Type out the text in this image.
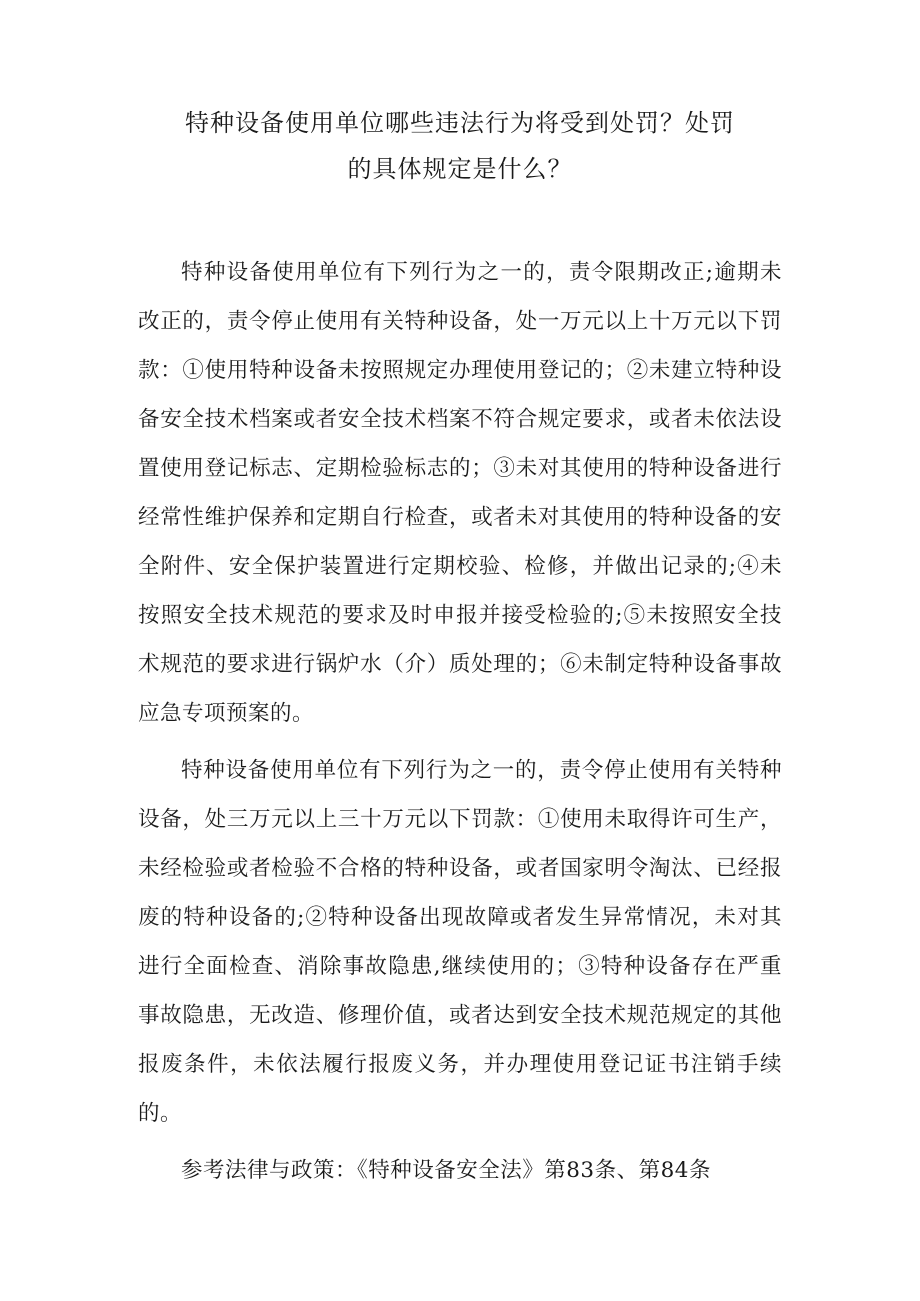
特种设备使用单位哪些违法行为将受到处罚？处罚
的具体规定是什么？

特种设备使用单位有下列行为之一的，责令限期改正;逾期未改正的，责令停止使用有关特种设备，处一万元以上十万元以下罚款：①使用特种设备未按照规定办理使用登记的；②未建立特种设备安全技术档案或者安全技术档案不符合规定要求，或者未依法设置使用登记标志、定期检验标志的；③未对其使用的特种设备进行经常性维护保养和定期自行检查，或者未对其使用的特种设备的安全附件、安全保护装置进行定期校验、检修，并做出记录的;④未按照安全技术规范的要求及时申报并接受检验的;⑤未按照安全技术规范的要求进行锅炉水（介）质处理的；⑥未制定特种设备事故应急专项预案的。

特种设备使用单位有下列行为之一的，责令停止使用有关特种设备，处三万元以上三十万元以下罚款：①使用未取得许可生产，未经检验或者检验不合格的特种设备，或者国家明令淘汰、已经报废的特种设备的;②特种设备出现故障或者发生异常情况，未对其进行全面检查、消除事故隐患,继续使用的；③特种设备存在严重事故隐患，无改造、修理价值，或者达到安全技术规范规定的其他报废条件，未依法履行报废义务，并办理使用登记证书注销手续的。

参考法律与政策：《特种设备安全法》第83条、第84条
